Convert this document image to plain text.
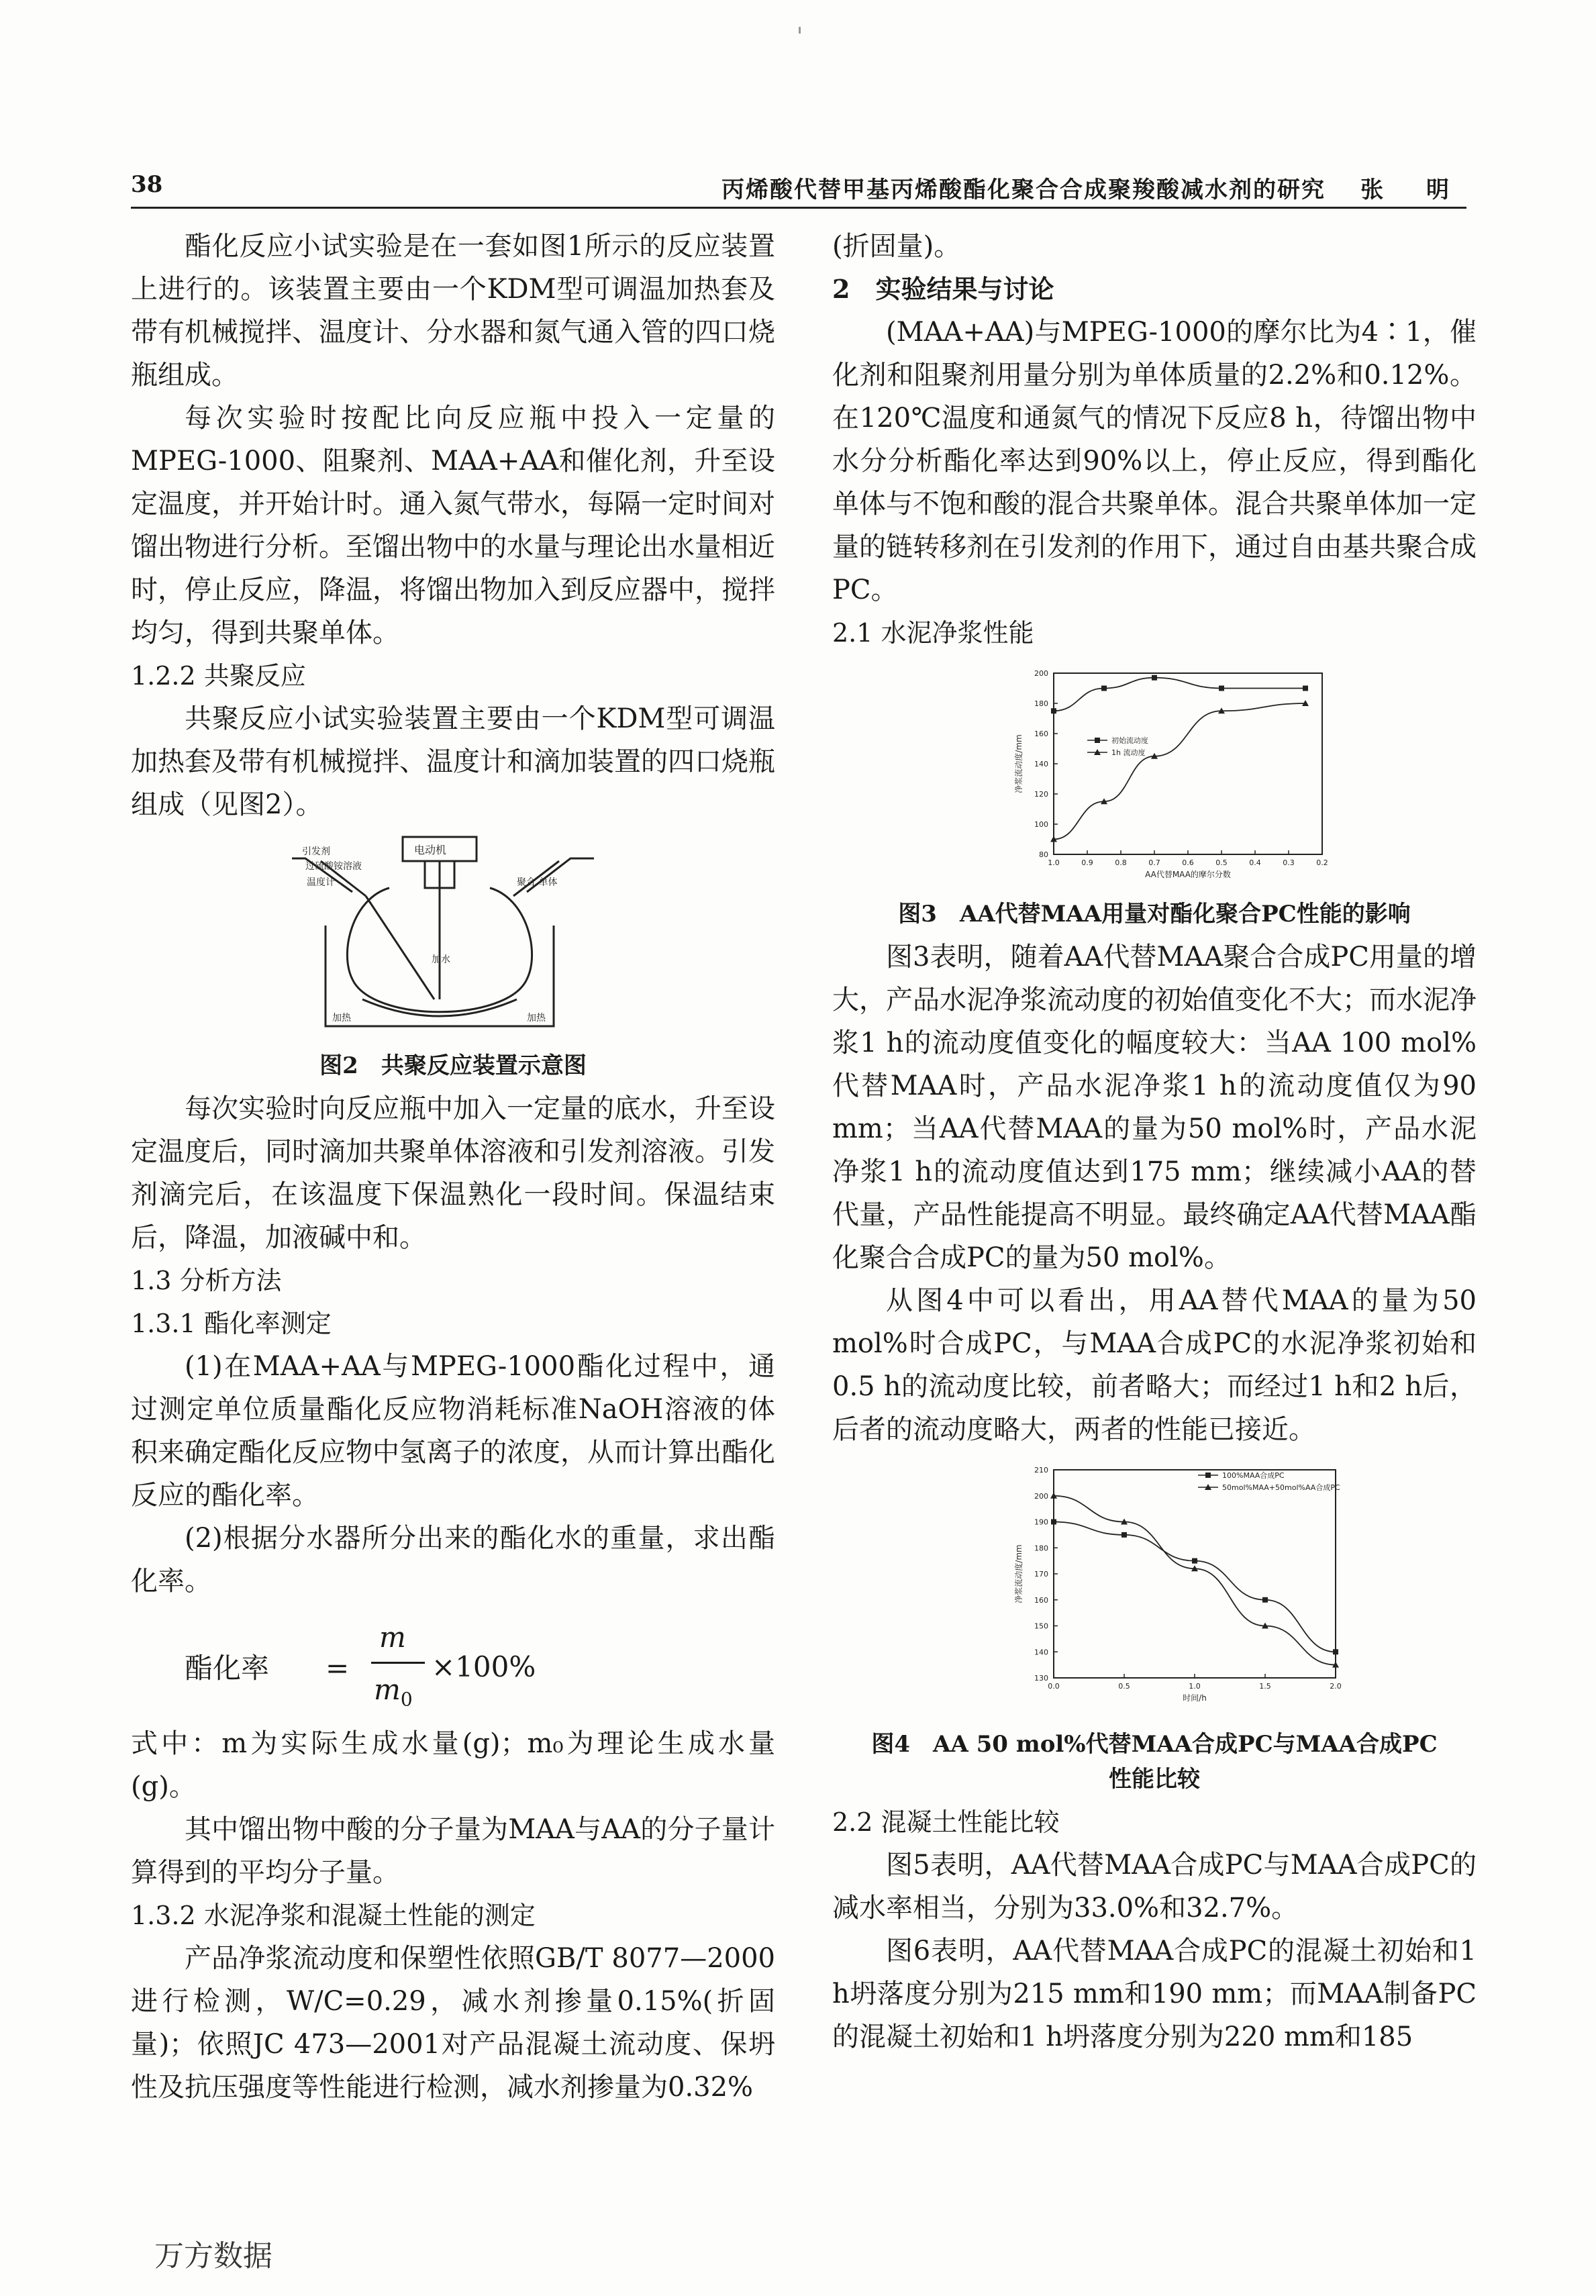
38	丙烯酸代替甲基丙烯酸酯化聚合合成聚羧酸减水剂的研究 张 明

酯化反应小试实验是在一套如图1所示的反应装置上进行的。该装置主要由一个KDM型可调温加热套及带有机械搅拌、温度计、分水器和氮气通入管的四口烧瓶组成。

每次实验时按配比向反应瓶中投入一定量的MPEG-1000、阻聚剂、MAA+AA和催化剂，升至设定温度，并开始计时。通入氮气带水，每隔一定时间对馏出物进行分析。至馏出物中的水量与理论出水量相近时，停止反应，降温，将馏出物加入到反应器中，搅拌均匀，得到共聚单体。

1.2.2 共聚反应

共聚反应小试实验装置主要由一个KDM型可调温加热套及带有机械搅拌、温度计和滴加装置的四口烧瓶组成（见图2）。

电动机
引发剂
过硫酸铵溶液
温度计	聚合 单体
加水
加热	加热
图2　共聚反应装置示意图

每次实验时向反应瓶中加入一定量的底水，升至设定温度后，同时滴加共聚单体溶液和引发剂溶液。引发剂滴完后，在该温度下保温熟化一段时间。保温结束后，降温，加液碱中和。

1.3 分析方法

1.3.1 酯化率测定

(1)在MAA+AA与MPEG-1000酯化过程中，通过测定单位质量酯化反应物消耗标准NaOH溶液的体积来确定酯化反应物中氢离子的浓度，从而计算出酯化反应的酯化率。

(2)根据分水器所分出来的酯化水的重量，求出酯化率。

酯化率 =
m
$m_0$
×100%

式中：m为实际生成水量(g)；m₀为理论生成水量(g)。

其中馏出物中酸的分子量为MAA与AA的分子量计算得到的平均分子量。

1.3.2 水泥净浆和混凝土性能的测定

产品净浆流动度和保塑性依照GB/T 8077—2000进行检测，W/C=0.29，减水剂掺量0.15%(折固量)；依照JC 473—2001对产品混凝土流动度、保坍性及抗压强度等性能进行检测，减水剂掺量为0.32%

(折固量)。

2　实验结果与讨论

(MAA+AA)与MPEG-1000的摩尔比为4∶1，催化剂和阻聚剂用量分别为单体质量的2.2%和0.12%。在120℃温度和通氮气的情况下反应8 h，待馏出物中水分分析酯化率达到90%以上，停止反应，得到酯化单体与不饱和酸的混合共聚单体。混合共聚单体加一定量的链转移剂在引发剂的作用下，通过自由基共聚合成PC。

2.1 水泥净浆性能

80
100
120
140
160
180
200
1.0	0.9	0.8	0.7	0.6	0.5	0.4	0.3	0.2
AA代替MAA的摩尔分数
净浆流动度/mm	初始流动度
1h 流动度
图3　AA代替MAA用量对酯化聚合PC性能的影响

图3表明，随着AA代替MAA聚合合成PC用量的增大，产品水泥净浆流动度的初始值变化不大；而水泥净浆1 h的流动度值变化的幅度较大：当AA 100 mol%代替MAA时，产品水泥净浆1 h的流动度值仅为90 mm；当AA代替MAA的量为50 mol%时，产品水泥净浆1 h的流动度值达到175 mm；继续减小AA的替代量，产品性能提高不明显。最终确定AA代替MAA酯化聚合合成PC的量为50 mol%。

从图4中可以看出，用AA替代MAA的量为50 mol%时合成PC，与MAA合成PC的水泥净浆初始和0.5 h的流动度比较，前者略大；而经过1 h和2 h后，后者的流动度略大，两者的性能已接近。

130
140
150
160
170
180
190
200
210
0.0	0.5	1.0	1.5	2.0
时间/h
净浆流动度/mm
100%MAA合成PC
50mol%MAA+50mol%AA合成PC
图4　AA 50 mol%代替MAA合成PC与MAA合成PC
性能比较

2.2 混凝土性能比较

图5表明，AA代替MAA合成PC与MAA合成PC的减水率相当，分别为33.0%和32.7%。

图6表明，AA代替MAA合成PC的混凝土初始和1 h坍落度分别为215 mm和190 mm；而MAA制备PC的混凝土初始和1 h坍落度分别为220 mm和185

万方数据
